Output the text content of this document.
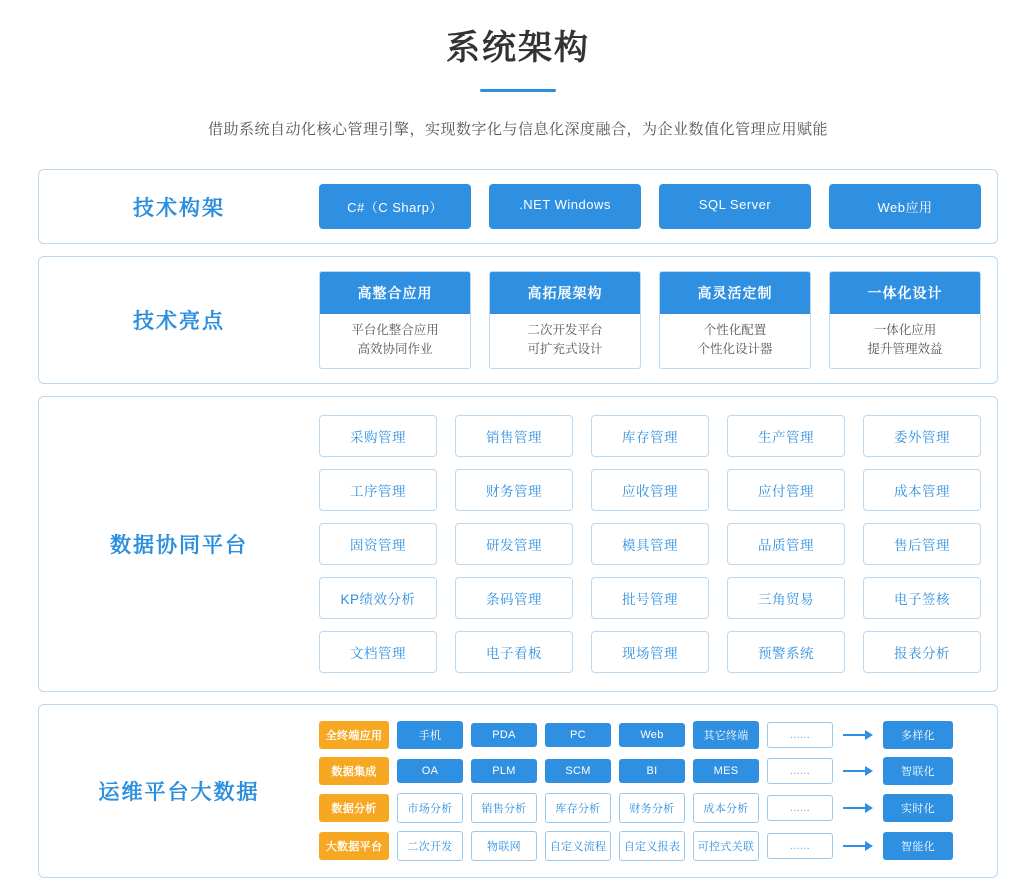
系统架构

借助系统自动化核心管理引擎，实现数字化与信息化深度融合，为企业数值化管理应用赋能

技术构架	C#（C Sharp）	.NET Windows	SQL Server	Web应用
技术亮点
高整合应用
平台化整合应用
高效协同作业
高拓展架构
二次开发平台
可扩充式设计
高灵活定制
个性化配置
个性化设计器
一体化设计
一体化应用
提升管理效益
数据协同平台
采购管理	销售管理	库存管理	生产管理	委外管理
工序管理	财务管理	应收管理	应付管理	成本管理
固资管理	研发管理	模具管理	品质管理	售后管理
KP绩效分析	条码管理	批号管理	三角贸易	电子签核
文档管理	电子看板	现场管理	预警系统	报表分析
运维平台大数据
全终端应用	手机	PDA	PC	Web	其它终端	......	多样化
数据集成	OA	PLM	SCM	BI	MES	......	智联化
数据分析	市场分析	销售分析	库存分析	财务分析	成本分析	......	实时化
大数据平台	二次开发	物联网	自定义流程	自定义报表	可控式关联	......	智能化
